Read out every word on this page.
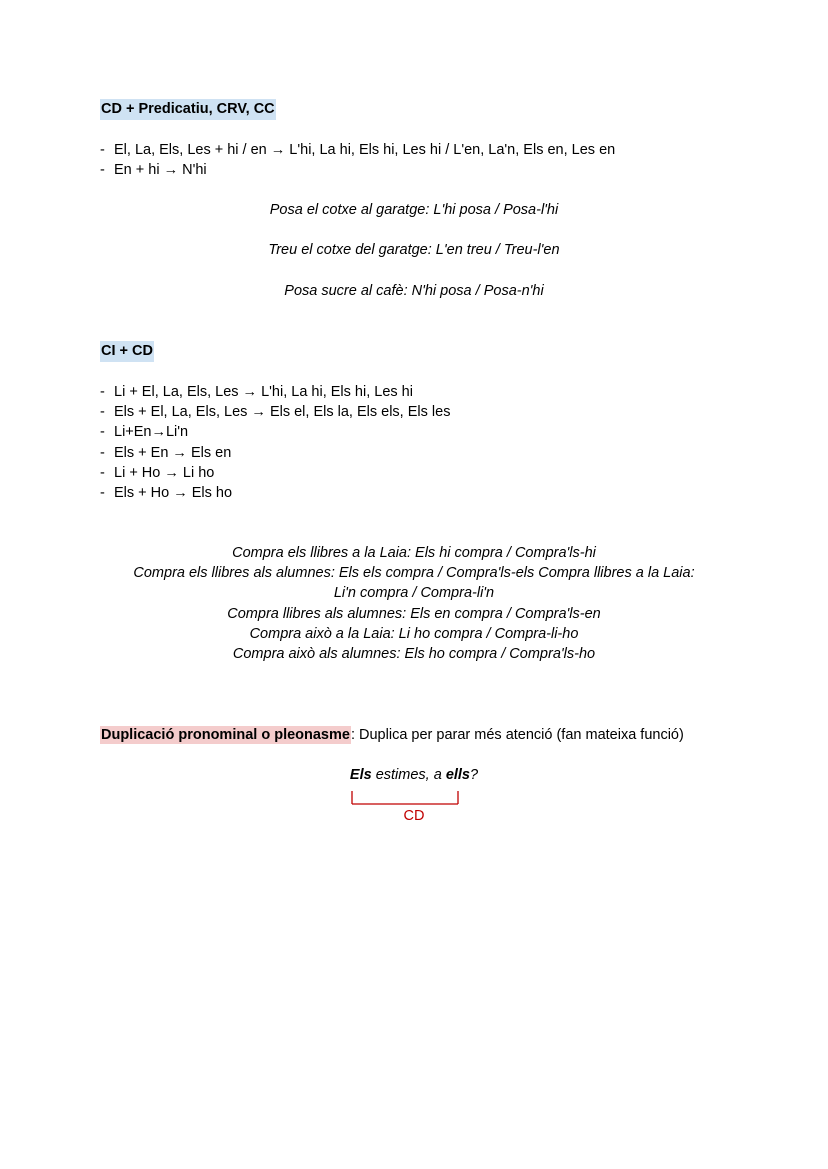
CD + Predicatiu, CRV, CC
- El, La, Els, Les + hi / en → L'hi, La hi, Els hi, Les hi / L'en, La'n, Els en, Les en
- En + hi → N'hi
Posa el cotxe al garatge: L'hi posa / Posa-l'hi
Treu el cotxe del garatge: L'en treu / Treu-l'en
Posa sucre al cafè: N'hi posa / Posa-n'hi
CI + CD
- Li + El, La, Els, Les → L'hi, La hi, Els hi, Les hi
- Els + El, La, Els, Les → Els el, Els la, Els els, Els les
- Li+En→Li'n
- Els + En → Els en
- Li + Ho → Li ho
- Els + Ho → Els ho
Compra els llibres a la Laia: Els hi compra / Compra'ls-hi
Compra els llibres als alumnes: Els els compra / Compra'ls-els Compra llibres a la Laia:
Li'n compra / Compra-li'n
Compra llibres als alumnes: Els en compra / Compra'ls-en
Compra això a la Laia: Li ho compra / Compra-li-ho
Compra això als alumnes: Els ho compra / Compra'ls-ho
Duplicació pronominal o pleonasme: Duplica per parar més atenció (fan mateixa funció)
Els estimes, a ells?
CD
